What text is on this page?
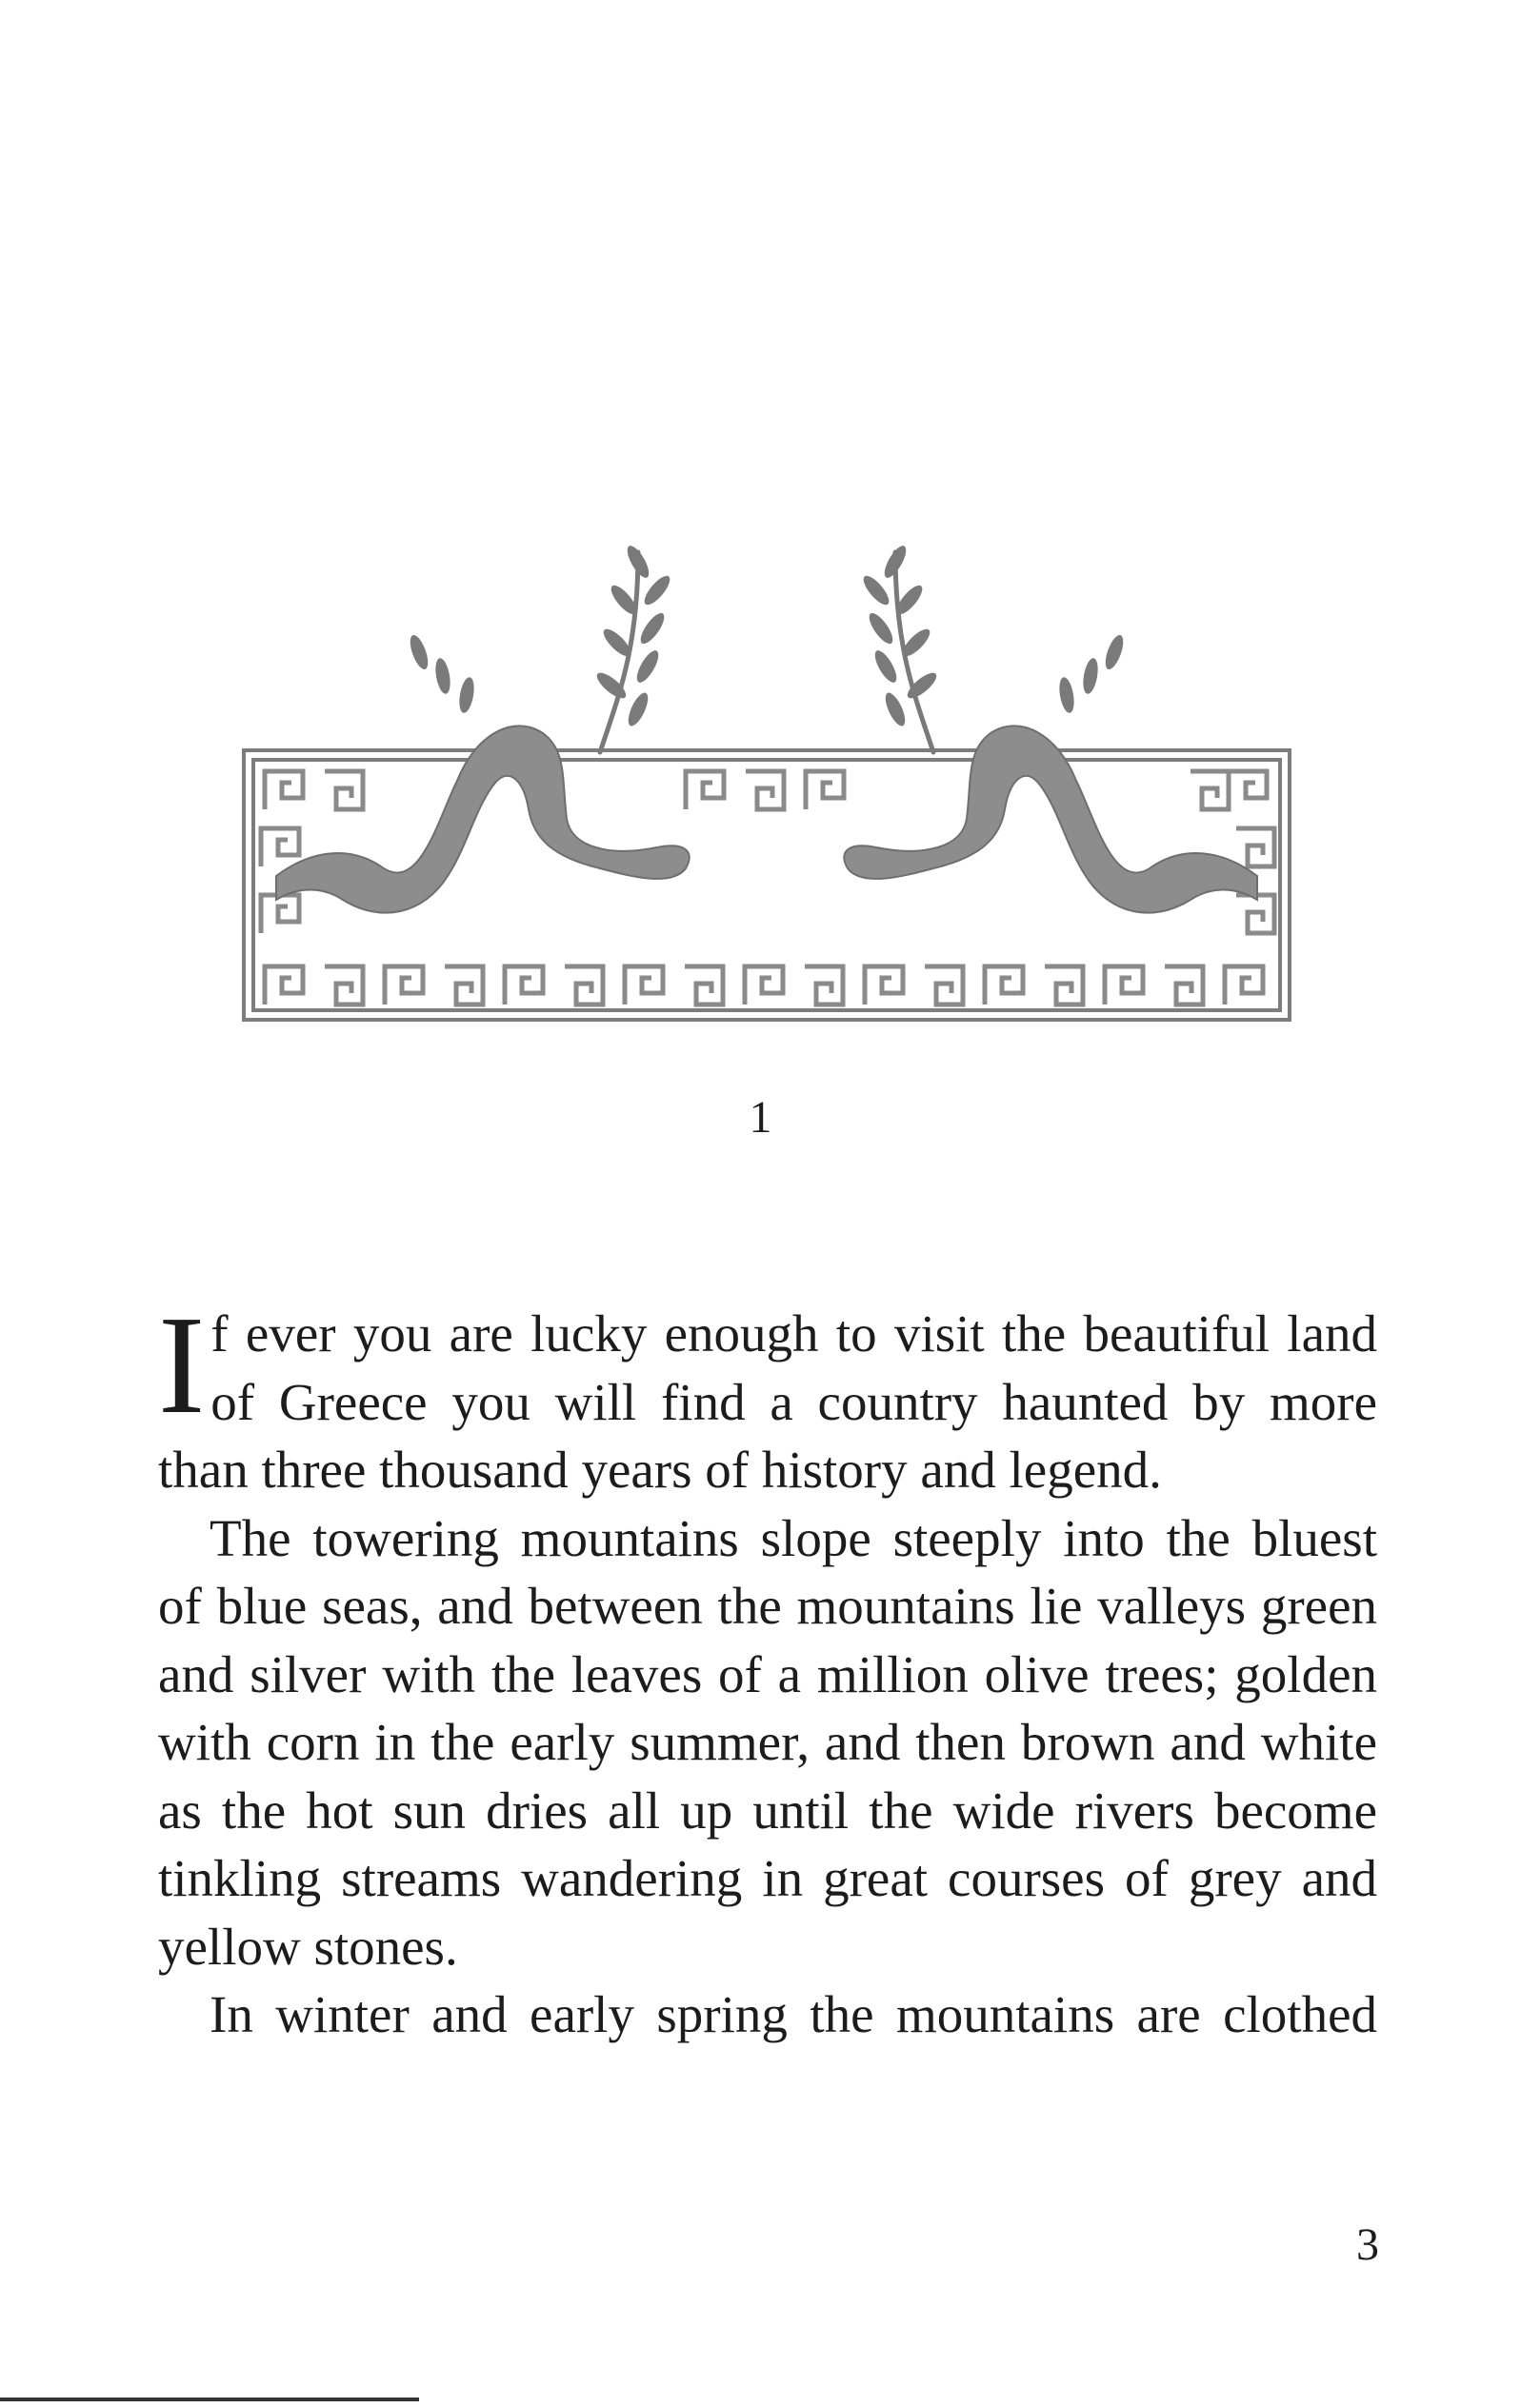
1

I f ever you are lucky enough to visit the beautiful land
of Greece you will find a country haunted by more
than three thousand years of history and legend.

The towering mountains slope steeply into the bluest
of blue seas, and between the mountains lie valleys green
and silver with the leaves of a million olive trees; golden
with corn in the early summer, and then brown and white
as the hot sun dries all up until the wide rivers become
tinkling streams wandering in great courses of grey and
yellow stones.

In winter and early spring the mountains are clothed

3
